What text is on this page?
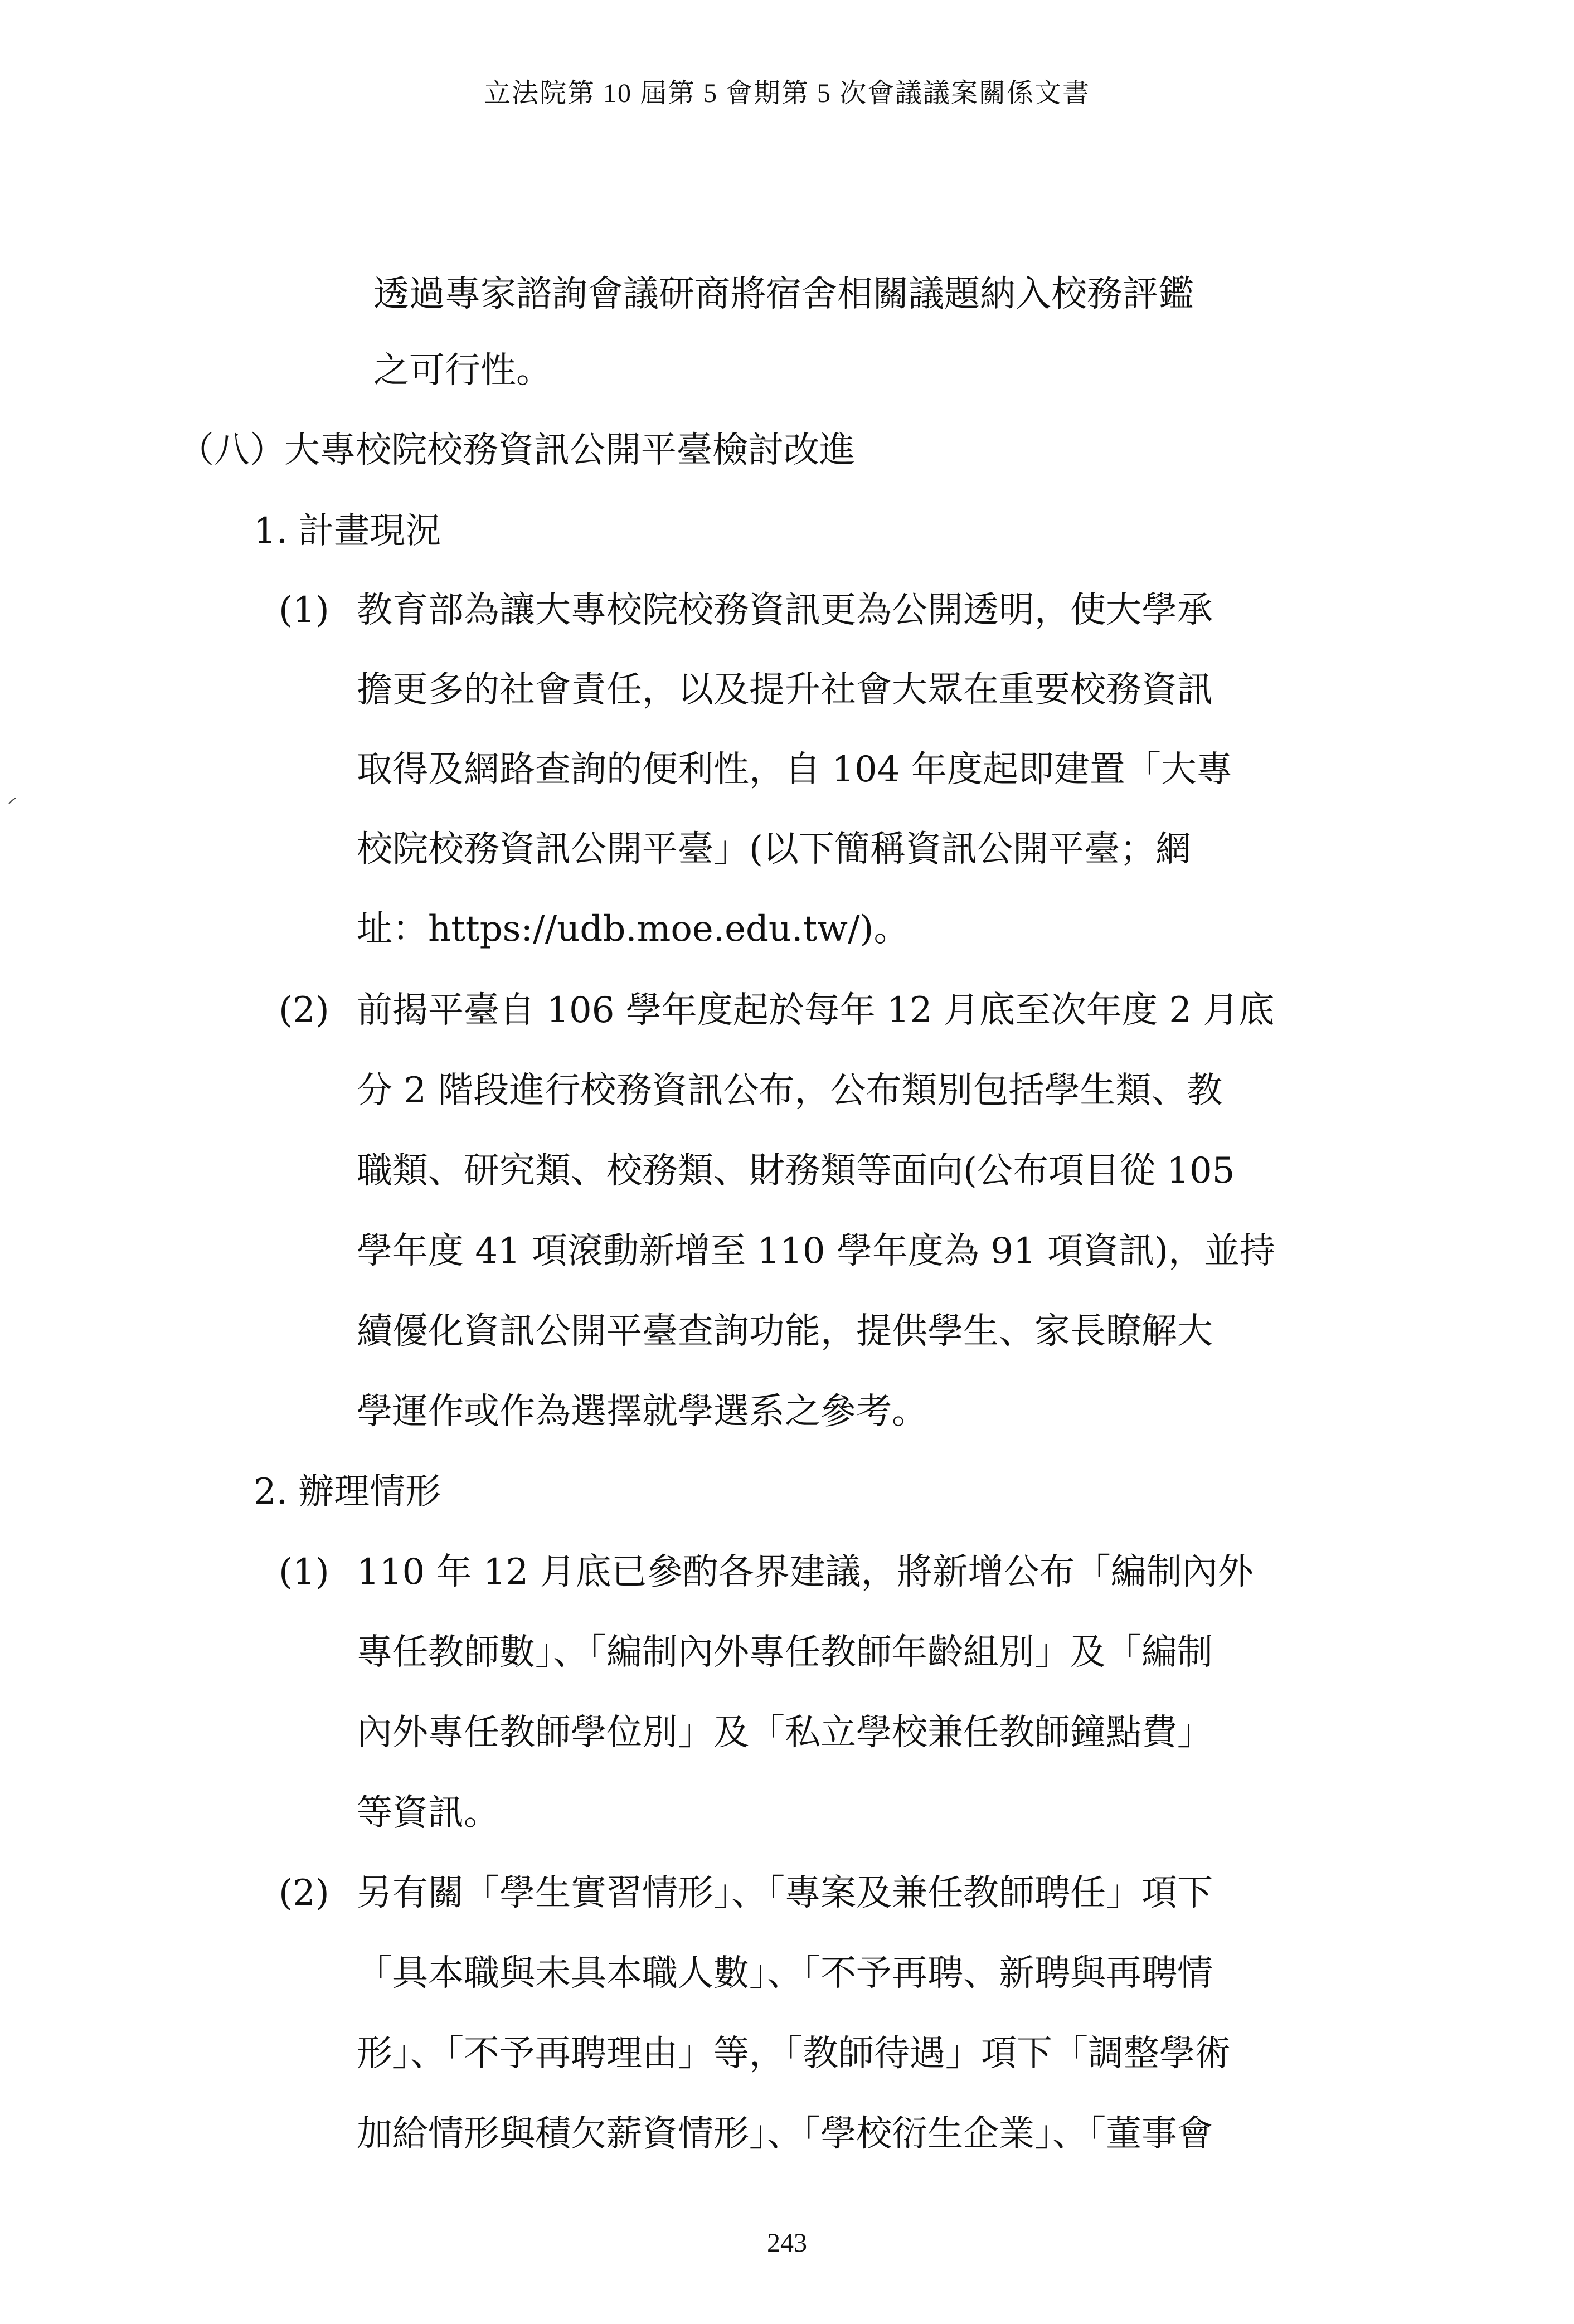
立法院第 10 屆第 5 會期第 5 次會議議案關係文書
透過專家諮詢會議研商將宿舍相關議題納入校務評鑑
之可行性。
（八）
大專校院校務資訊公開平臺檢討改進
1. 計畫現況
(1) 教育部為讓大專校院校務資訊更為公開透明，使大學承
擔更多的社會責任，以及提升社會大眾在重要校務資訊
取得及網路查詢的便利性，自 104 年度起即建置「大專
校院校務資訊公開平臺」(以下簡稱資訊公開平臺；網
址：https://udb.moe.edu.tw/)。
(2) 前揭平臺自 106 學年度起於每年 12 月底至次年度 2 月底
分 2 階段進行校務資訊公布，公布類別包括學生類、教
職類、研究類、校務類、財務類等面向(公布項目從 105
學年度 41 項滾動新增至 110 學年度為 91 項資訊)，並持
續優化資訊公開平臺查詢功能，提供學生、家長瞭解大
學運作或作為選擇就學選系之參考。
2. 辦理情形
(1) 110 年 12 月底已參酌各界建議，將新增公布「編制內外
專任教師數」、「編制內外專任教師年齡組別」及「編制
內外專任教師學位別」及「私立學校兼任教師鐘點費」
等資訊。
(2) 另有關「學生實習情形」、「專案及兼任教師聘任」項下
「具本職與未具本職人數」、「不予再聘、新聘與再聘情
形」、「不予再聘理由」等，「教師待遇」項下「調整學術
加給情形與積欠薪資情形」、「學校衍生企業」、「董事會
243
